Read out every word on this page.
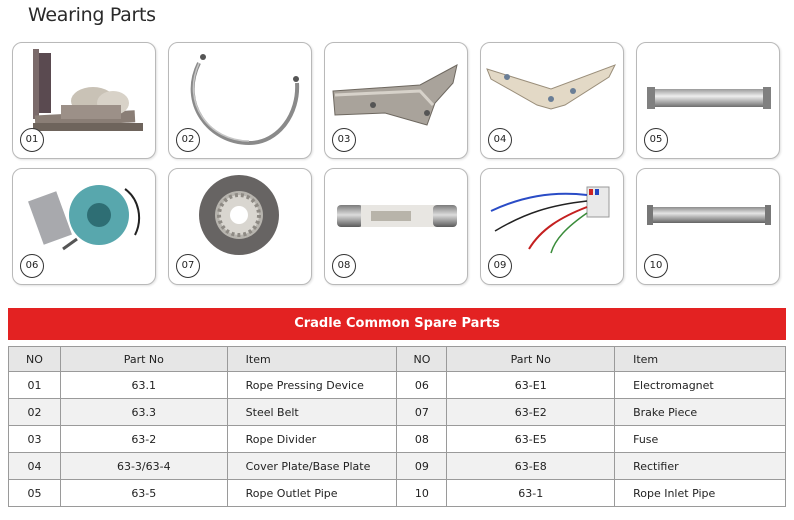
Wearing Parts
01	02	03	04	05
06	07	08	09	10
Cradle Common Spare Parts
NO	Part No	Item	NO	Part No	Item
01	63.1	Rope Pressing Device	06	63-E1	Electromagnet
02	63.3	Steel Belt	07	63-E2	Brake Piece
03	63-2	Rope Divider	08	63-E5	Fuse
04	63-3/63-4	Cover Plate/Base Plate	09	63-E8	Rectifier
05	63-5	Rope Outlet Pipe	10	63-1	Rope Inlet Pipe
